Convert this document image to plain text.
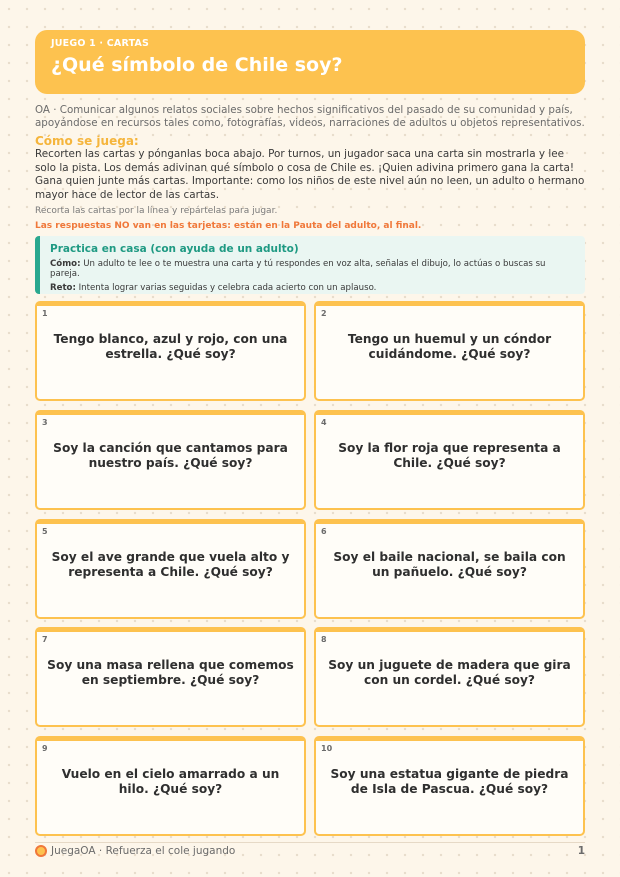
JUEGO 1 · CARTAS
¿Qué símbolo de Chile soy?
OA · Comunicar algunos relatos sociales sobre hechos significativos del pasado de su comunidad y país, apoyándose en recursos tales como, fotografías, videos, narraciones de adultos u objetos representativos.
Cómo se juega:
Recorten las cartas y pónganlas boca abajo. Por turnos, un jugador saca una carta sin mostrarla y lee solo la pista. Los demás adivinan qué símbolo o cosa de Chile es. ¡Quien adivina primero gana la carta! Gana quien junte más cartas. Importante: como los niños de este nivel aún no leen, un adulto o hermano mayor hace de lector de las cartas.
Recorta las cartas por la línea y repártelas para jugar.
Las respuestas NO van en las tarjetas: están en la Pauta del adulto, al final.
Practica en casa (con ayuda de un adulto)
Cómo: Un adulto te lee o te muestra una carta y tú respondes en voz alta, señalas el dibujo, lo actúas o buscas su pareja.
Reto: Intenta lograr varias seguidas y celebra cada acierto con un aplauso.
1
Tengo blanco, azul y rojo, con una estrella. ¿Qué soy?
2
Tengo un huemul y un cóndor cuidándome. ¿Qué soy?
3
Soy la canción que cantamos para nuestro país. ¿Qué soy?
4
Soy la flor roja que representa a Chile. ¿Qué soy?
5
Soy el ave grande que vuela alto y representa a Chile. ¿Qué soy?
6
Soy el baile nacional, se baila con un pañuelo. ¿Qué soy?
7
Soy una masa rellena que comemos en septiembre. ¿Qué soy?
8
Soy un juguete de madera que gira con un cordel. ¿Qué soy?
9
Vuelo en el cielo amarrado a un hilo. ¿Qué soy?
10
Soy una estatua gigante de piedra de Isla de Pascua. ¿Qué soy?
JuegaOA · Refuerza el cole jugando	1
